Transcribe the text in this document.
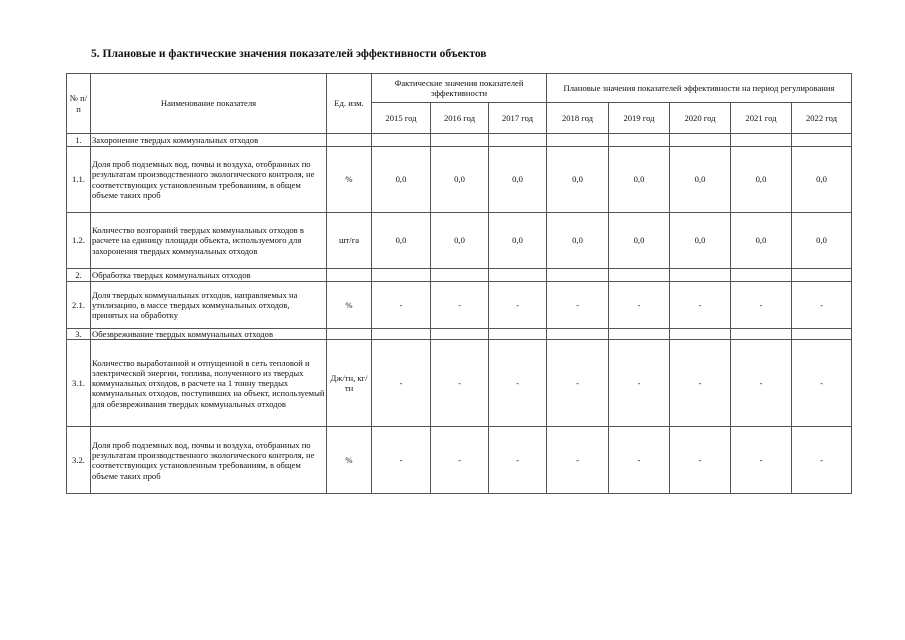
5. Плановые и фактические значения показателей эффективности объектов
№ п/п	Наименование показателя	Ед. изм.	Фактические значения показателей эффективности			Плановые значения показателей эффективности на период регулирования				
			2015 год	2016 год	2017 год	2018 год	2019 год	2020 год	2021 год	2022 год
1.	Захоронение твердых коммунальных отходов									
1.1.	Доля проб подземных вод, почвы и воздуха, отобранных по результатам производственного экологического контроля, не соответствующих установленным требованиям, в общем объеме таких проб	%	0,0	0,0	0,0	0,0	0,0	0,0	0,0	0,0
1.2.	Количество возгораний твердых коммунальных отходов в расчете на единицу площади объекта, используемого для захоронения твердых коммунальных отходов	шт/га	0,0	0,0	0,0	0,0	0,0	0,0	0,0	0,0
2.	Обработка твердых коммунальных отходов									
2.1.	Доля твердых коммунальных отходов, направляемых на утилизацию, в массе твердых коммунальных отходов, принятых на обработку	%	-	-	-	-	-	-	-	-
3.	Обезвреживание твердых коммунальных отходов									
3.1.	Количество выработанной и отпущенной в сеть тепловой и электрической энергии, топлива, полученного из твердых коммунальных отходов, в расчете на 1 тонну твердых коммунальных отходов, поступивших на объект, используемый для обезвреживания твердых коммунальных отходов	Дж/тн, кг/тн	-	-	-	-	-	-	-	-
3.2.	Доля проб подземных вод, почвы и воздуха, отобранных по результатам производственного экологического контроля, не соответствующих установленным требованиям, в общем объеме таких проб	%	-	-	-	-	-	-	-	-
